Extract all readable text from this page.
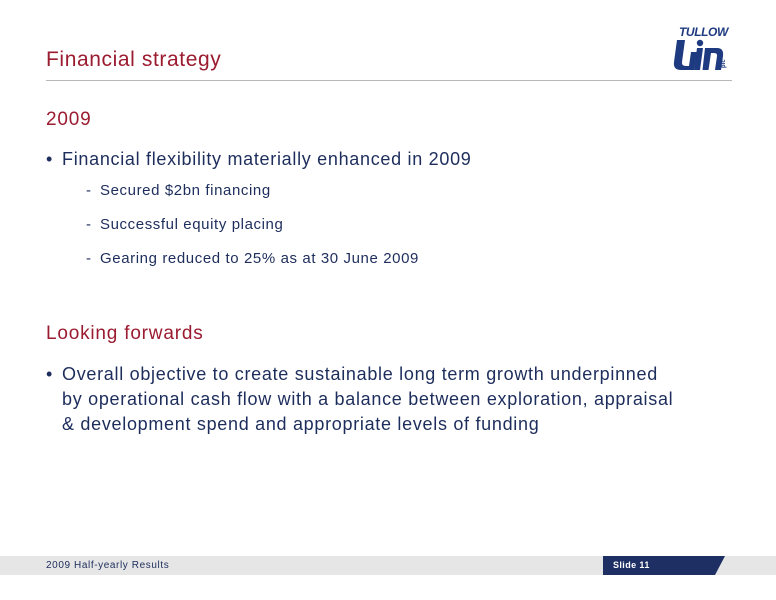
Financial strategy	plc
TULLOW
2009
• Financial flexibility materially enhanced in 2009
- Secured $2bn financing
- Successful equity placing
- Gearing reduced to 25% as at 30 June 2009
Looking forwards
• Overall objective to create sustainable long term growth underpinned
by operational cash flow with a balance between exploration, appraisal
& development spend and appropriate levels of funding
2009 Half-yearly Results	Slide 11
